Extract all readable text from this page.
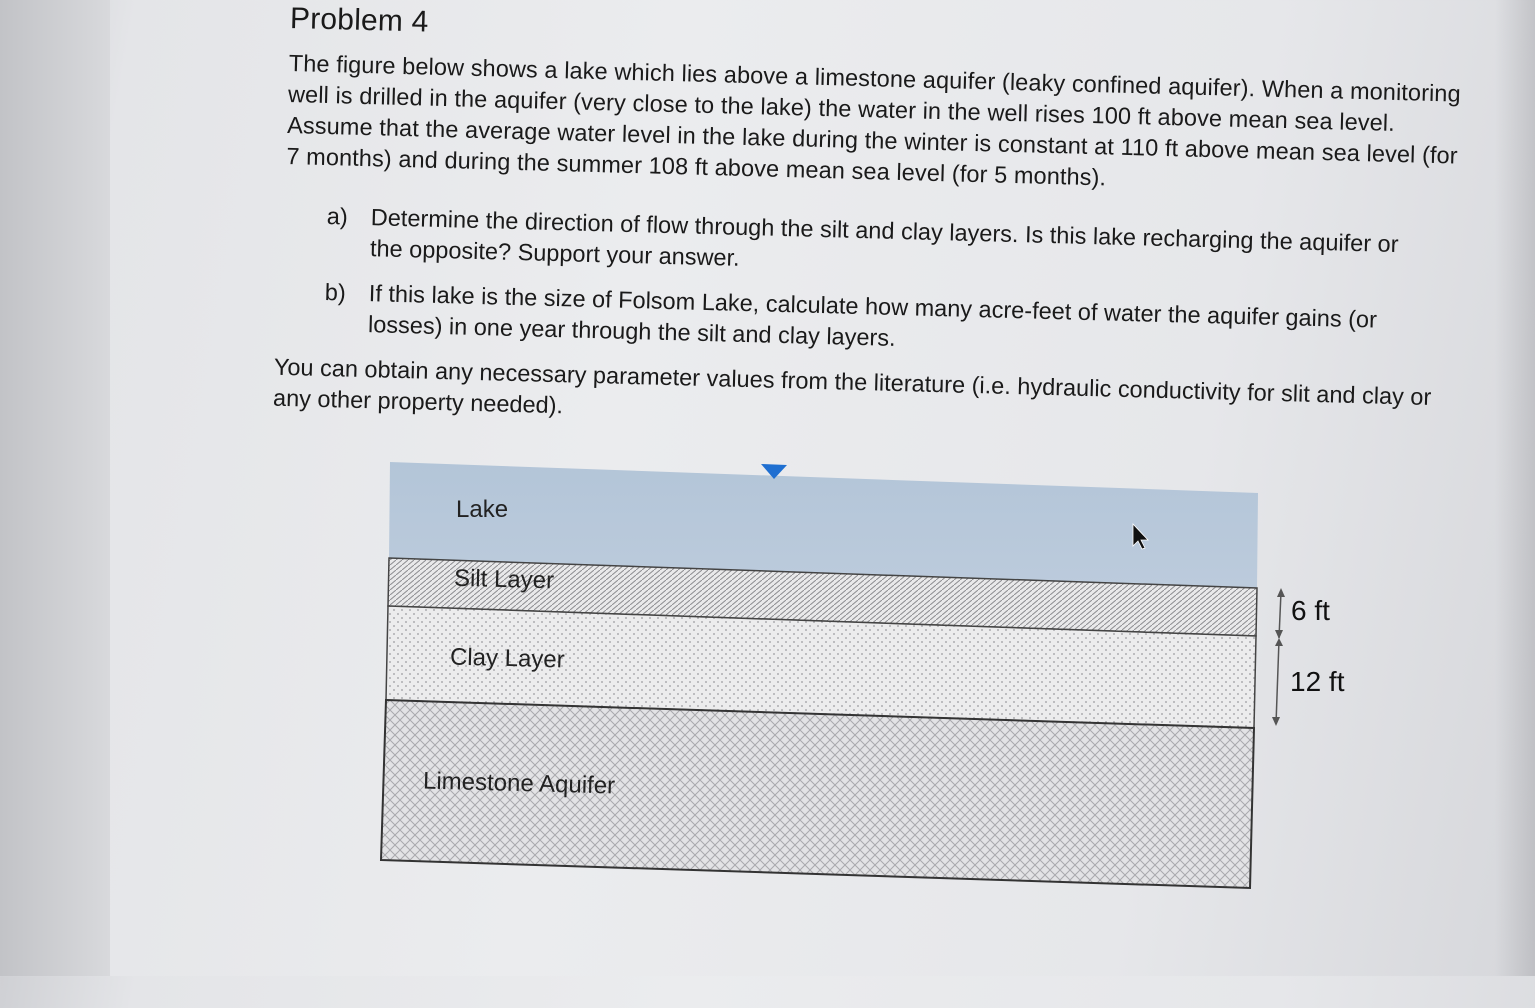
Problem 4
The figure below shows a lake which lies above a limestone aquifer (leaky confined aquifer). When a monitoring well is drilled in the aquifer (very close to the lake) the water in the well rises 100 ft above mean sea level. Assume that the average water level in the lake during the winter is constant at 110 ft above mean sea level (for 7 months) and during the summer 108 ft above mean sea level (for 5 months).
a) Determine the direction of flow through the silt and clay layers. Is this lake recharging the aquifer or the opposite? Support your answer.
b) If this lake is the size of Folsom Lake, calculate how many acre-feet of water the aquifer gains (or losses) in one year through the silt and clay layers.
You can obtain any necessary parameter values from the literature (i.e. hydraulic conductivity for slit and clay or any other property needed).
Lake
Silt Layer
Clay Layer
Limestone Aquifer
6 ft
12 ft
